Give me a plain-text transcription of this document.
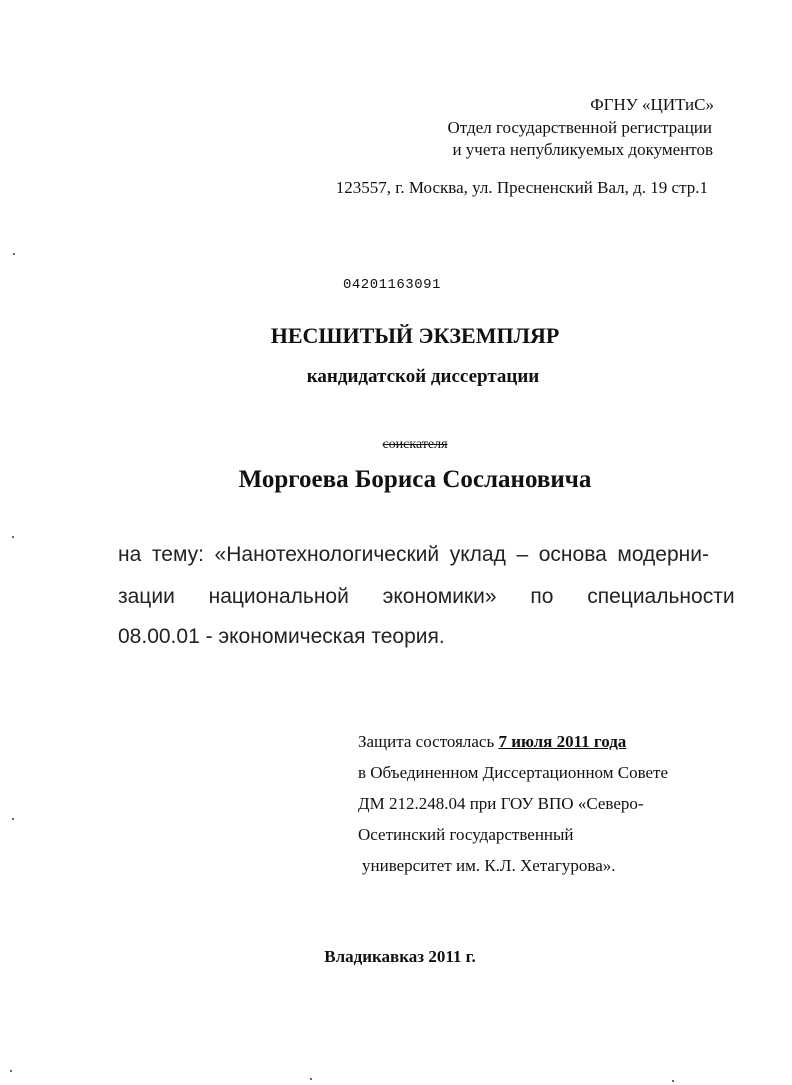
ФГНУ «ЦИТиС»
Отдел государственной регистрации
и учета непубликуемых документов
123557, г. Москва, ул. Пресненский Вал, д. 19 стр.1
04201163091
НЕСШИТЫЙ ЭКЗЕМПЛЯР
кандидатской диссертации
соискателя
Моргоева Бориса Сослановича
на тему: «Нанотехнологический уклад – основа модерни-
зации национальной экономики» по специальности
08.00.01 - экономическая теория.
Защита состоялась 7 июля 2011 года
в Объединенном Диссертационном Совете
ДМ 212.248.04 при ГОУ ВПО «Северо-
Осетинский государственный
университет им. К.Л. Хетагурова».
Владикавказ 2011 г.
